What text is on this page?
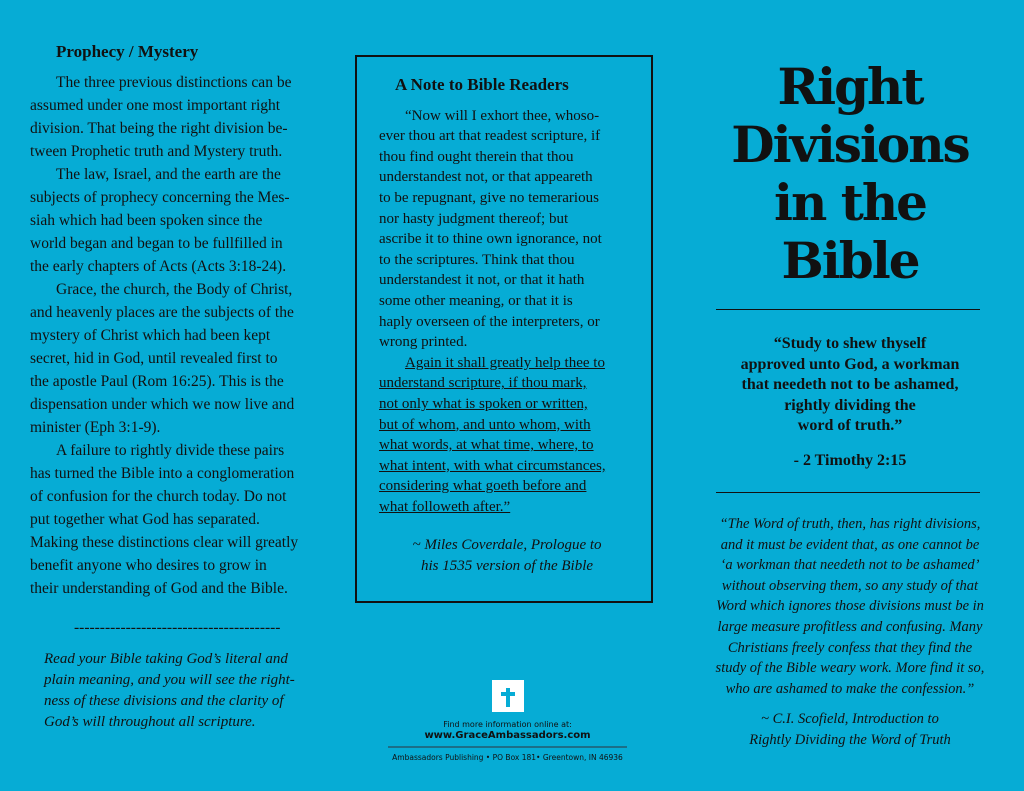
Prophecy / Mystery
The three previous distinctions can be
assumed under one most important right
division. That being the right division be-
tween Prophetic truth and Mystery truth.
The law, Israel, and the earth are the
subjects of prophecy concerning the Mes-
siah which had been spoken since the
world began and began to be fullfilled in
the early chapters of Acts (Acts 3:18-24).
Grace, the church, the Body of Christ,
and heavenly places are the subjects of the
mystery of Christ which had been kept
secret, hid in God, until revealed first to
the apostle Paul (Rom 16:25). This is the
dispensation under which we now live and
minister (Eph 3:1-9).
A failure to rightly divide these pairs
has turned the Bible into a conglomeration
of confusion for the church today. Do not
put together what God has separated.
Making these distinctions clear will greatly
benefit anyone who desires to grow in
their understanding of God and the Bible.
----------------------------------------
Read your Bible taking God’s literal and
plain meaning, and you will see the right-
ness of these divisions and the clarity of
God’s will throughout all scripture.
A Note to Bible Readers
“Now will I exhort thee, whoso-
ever thou art that readest scripture, if
thou find ought therein that thou
understandest not, or that appeareth
to be repugnant, give no temerarious
nor hasty judgment thereof; but
ascribe it to thine own ignorance, not
to the scriptures. Think that thou
understandest it not, or that it hath
some other meaning, or that it is
haply overseen of the interpreters, or
wrong printed.
Again it shall greatly help thee to
understand scripture, if thou mark,
not only what is spoken or written,
but of whom, and unto whom, with
what words, at what time, where, to
what intent, with what circumstances,
considering what goeth before and
what followeth after.”
~ Miles Coverdale, Prologue to
his 1535 version of the Bible
Right
Divisions
in the
Bible
“Study to shew thyself
approved unto God, a workman
that needeth not to be ashamed,
rightly dividing the
word of truth.”
- 2 Timothy 2:15
“The Word of truth, then, has right divisions,
and it must be evident that, as one cannot be
‘a workman that needeth not to be ashamed’
without observing them, so any study of that
Word which ignores those divisions must be in
large measure profitless and confusing. Many
Christians freely confess that they find the
study of the Bible weary work. More find it so,
who are ashamed to make the confession.”
~ C.I. Scofield, Introduction to
Rightly Dividing the Word of Truth
Find more information online at:
www.GraceAmbassadors.com
Ambassadors Publishing • PO Box 181• Greentown, IN 46936
